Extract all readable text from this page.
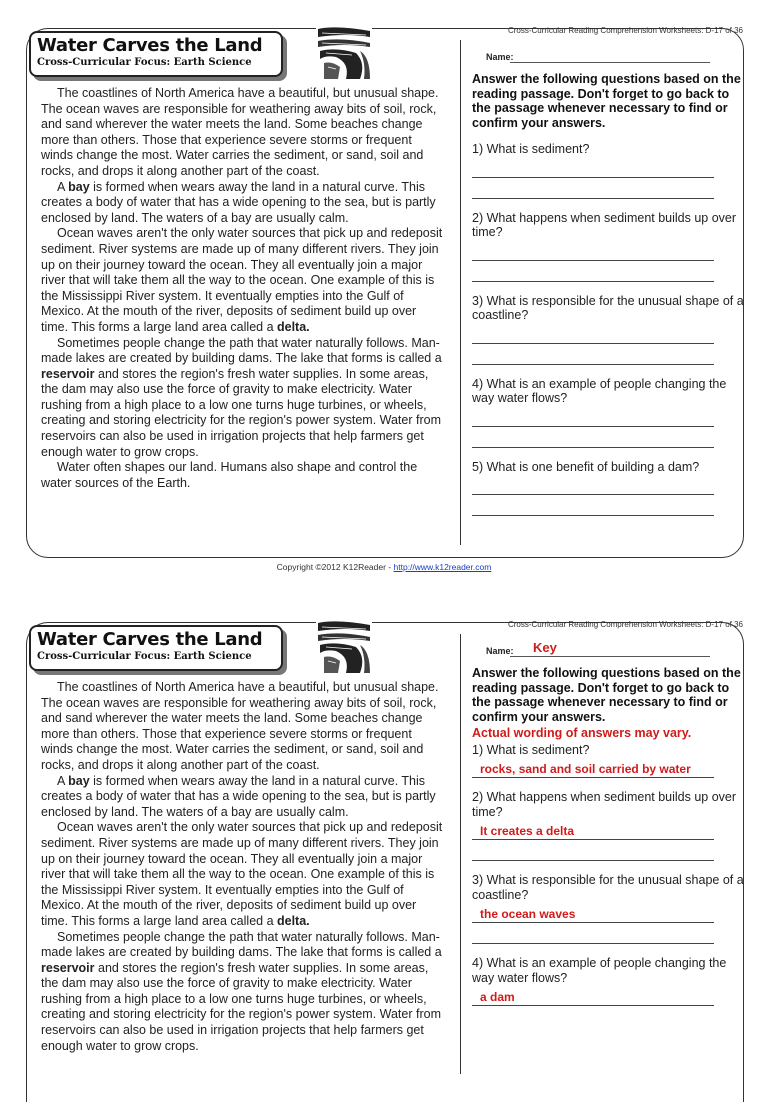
Cross-Curricular Reading Comprehension Worksheets: D-17 of 36
Water Carves the Land
Cross-Curricular Focus: Earth Science	Name:

The coastlines of North America have a beautiful, but unusual shape. The ocean waves are responsible for weathering away bits of soil, rock, and sand wherever the water meets the land. Some beaches change more than others. Those that experience severe storms or frequent winds change the most. Water carries the sediment, or sand, soil and rocks, and drops it along another part of the coast.

A bay is formed when wears away the land in a natural curve. This creates a body of water that has a wide opening to the sea, but is partly enclosed by land. The waters of a bay are usually calm.

Ocean waves aren't the only water sources that pick up and redeposit sediment. River systems are made up of many different rivers. They join up on their journey toward the ocean. They all eventually join a major river that will take them all the way to the ocean. One example of this is the Mississippi River system. It eventually empties into the Gulf of Mexico. At the mouth of the river, deposits of sediment build up over time. This forms a large land area called a delta.

Sometimes people change the path that water naturally follows. Man-made lakes are created by building dams. The lake that forms is called a reservoir and stores the region's fresh water supplies. In some areas, the dam may also use the force of gravity to make electricity. Water rushing from a high place to a low one turns huge turbines, or wheels, creating and storing electricity for the region's power system. Water from reservoirs can also be used in irrigation projects that help farmers get enough water to grow crops.

Water often shapes our land. Humans also shape and control the water sources of the Earth.

Answer the following questions based on the reading passage. Don't forget to go back to the passage whenever necessary to find or confirm your answers.
1) What is sediment?
2) What happens when sediment builds up over time?
3) What is responsible for the unusual shape of a coastline?
4) What is an example of people changing the way water flows?
5) What is one benefit of building a dam?
Copyright ©2012 K12Reader - http://www.k12reader.com
Cross-Curricular Reading Comprehension Worksheets: D-17 of 36
Water Carves the Land
Cross-Curricular Focus: Earth Science	Name: Key

The coastlines of North America have a beautiful, but unusual shape. The ocean waves are responsible for weathering away bits of soil, rock, and sand wherever the water meets the land. Some beaches change more than others. Those that experience severe storms or frequent winds change the most. Water carries the sediment, or sand, soil and rocks, and drops it along another part of the coast.

A bay is formed when wears away the land in a natural curve. This creates a body of water that has a wide opening to the sea, but is partly enclosed by land. The waters of a bay are usually calm.

Ocean waves aren't the only water sources that pick up and redeposit sediment. River systems are made up of many different rivers. They join up on their journey toward the ocean. They all eventually join a major river that will take them all the way to the ocean. One example of this is the Mississippi River system. It eventually empties into the Gulf of Mexico. At the mouth of the river, deposits of sediment build up over time. This forms a large land area called a delta.

Sometimes people change the path that water naturally follows. Man-made lakes are created by building dams. The lake that forms is called a reservoir and stores the region's fresh water supplies. In some areas, the dam may also use the force of gravity to make electricity. Water rushing from a high place to a low one turns huge turbines, or wheels, creating and storing electricity for the region's power system. Water from reservoirs can also be used in irrigation projects that help farmers get enough water to grow crops.

Answer the following questions based on the reading passage. Don't forget to go back to the passage whenever necessary to find or confirm your answers.
Actual wording of answers may vary.
1) What is sediment?
rocks, sand and soil carried by water
2) What happens when sediment builds up over time?
It creates a delta
3) What is responsible for the unusual shape of a coastline?
the ocean waves
4) What is an example of people changing the way water flows?
a dam
